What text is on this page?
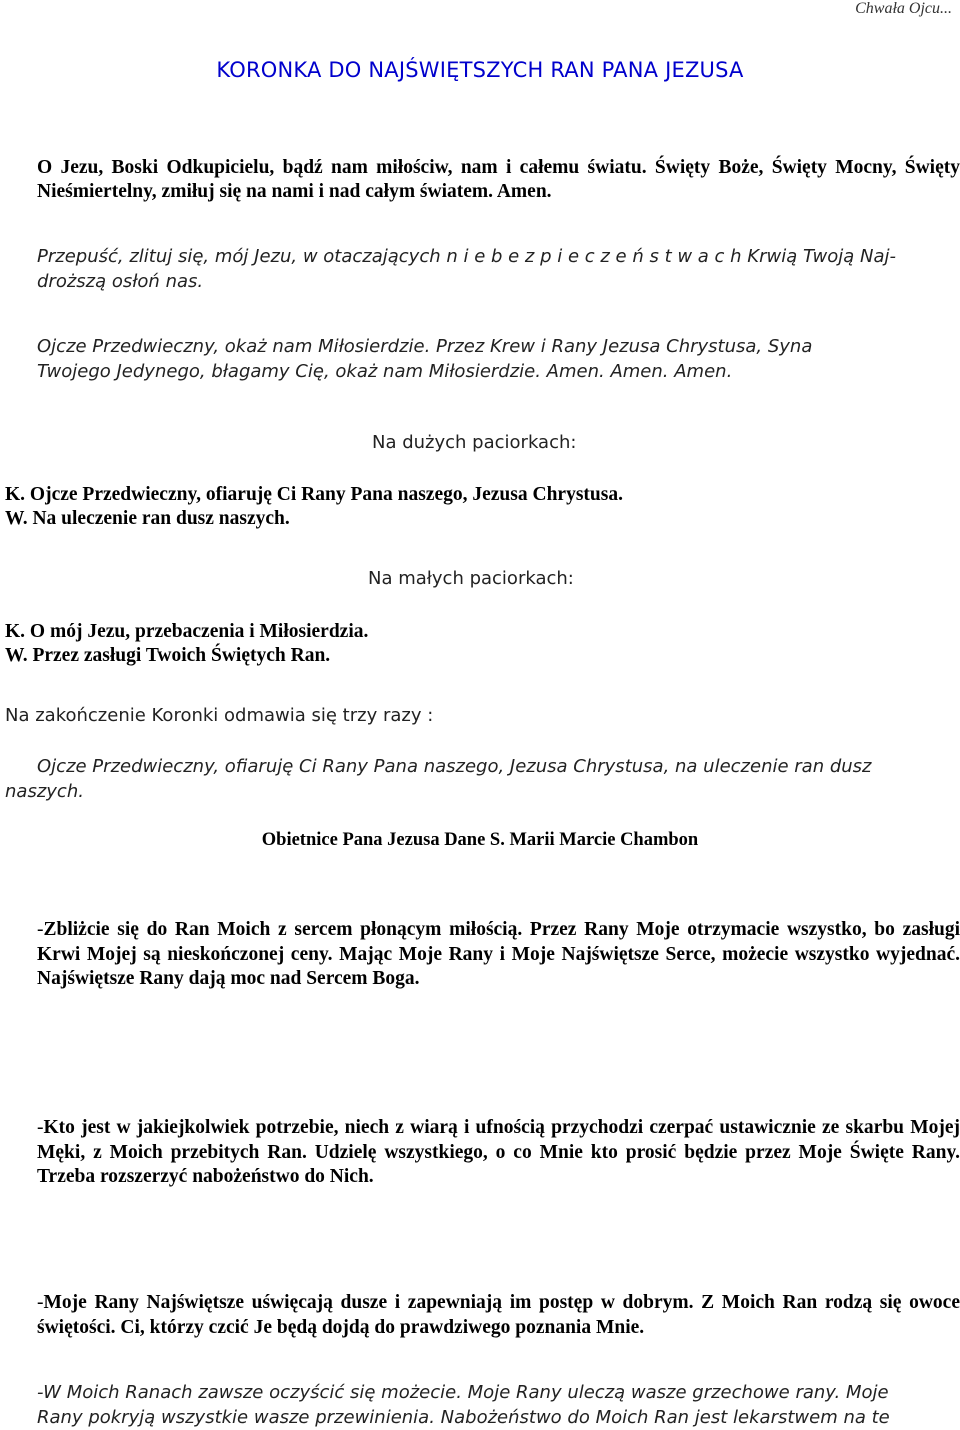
Chwała Ojcu...
KORONKA DO NAJŚWIĘTSZYCH RAN PANA JEZUSA
O Jezu, Boski Odkupicielu, bądź nam miłościw, nam i całemu światu. Święty Boże, Święty Mocny, Święty Nieśmiertelny, zmiłuj się na nami i nad całym światem. Amen.
Przepuść, zlituj się, mój Jezu, w otaczających n i e b e z p i e c z e ń s t w a c h Krwią Twoją Naj-
droższą osłoń nas.
Ojcze Przedwieczny, okaż nam Miłosierdzie. Przez Krew i Rany Jezusa Chrystusa, Syna
Twojego Jedynego, błagamy Cię, okaż nam Miłosierdzie. Amen. Amen. Amen.
Na dużych paciorkach:
K. Ojcze Przedwieczny, ofiaruję Ci Rany Pana naszego, Jezusa Chrystusa.
W. Na uleczenie ran dusz naszych.
Na małych paciorkach:
K. O mój Jezu, przebaczenia i Miłosierdzia.
W. Przez zasługi Twoich Świętych Ran.
Na zakończenie Koronki odmawia się trzy razy :
Ojcze Przedwieczny, ofiaruję Ci Rany Pana naszego, Jezusa Chrystusa, na uleczenie ran dusz
naszych.
Obietnice Pana Jezusa Dane S. Marii Marcie Chambon
-Zbliżcie się do Ran Moich z sercem płonącym miłością. Przez Rany Moje otrzymacie wszystko, bo zasługi Krwi Mojej są nieskończonej ceny. Mając Moje Rany i Moje Najświętsze Serce, możecie wszystko wyjednać. Najświętsze Rany dają moc nad Sercem Boga.
-Kto jest w jakiejkolwiek potrzebie, niech z wiarą i ufnością przychodzi czerpać ustawicznie ze skarbu Mojej Męki, z Moich przebitych Ran. Udzielę wszystkiego, o co Mnie kto prosić będzie przez Moje Święte Rany. Trzeba rozszerzyć nabożeństwo do Nich.
-Moje Rany Najświętsze uświęcają dusze i zapewniają im postęp w dobrym. Z Moich Ran rodzą się owoce świętości. Ci, którzy czcić Je będą dojdą do prawdziwego poznania Mnie.
-W Moich Ranach zawsze oczyścić się możecie. Moje Rany uleczą wasze grzechowe rany. Moje
Rany pokryją wszystkie wasze przewinienia. Nabożeństwo do Moich Ran jest lekarstwem na te
